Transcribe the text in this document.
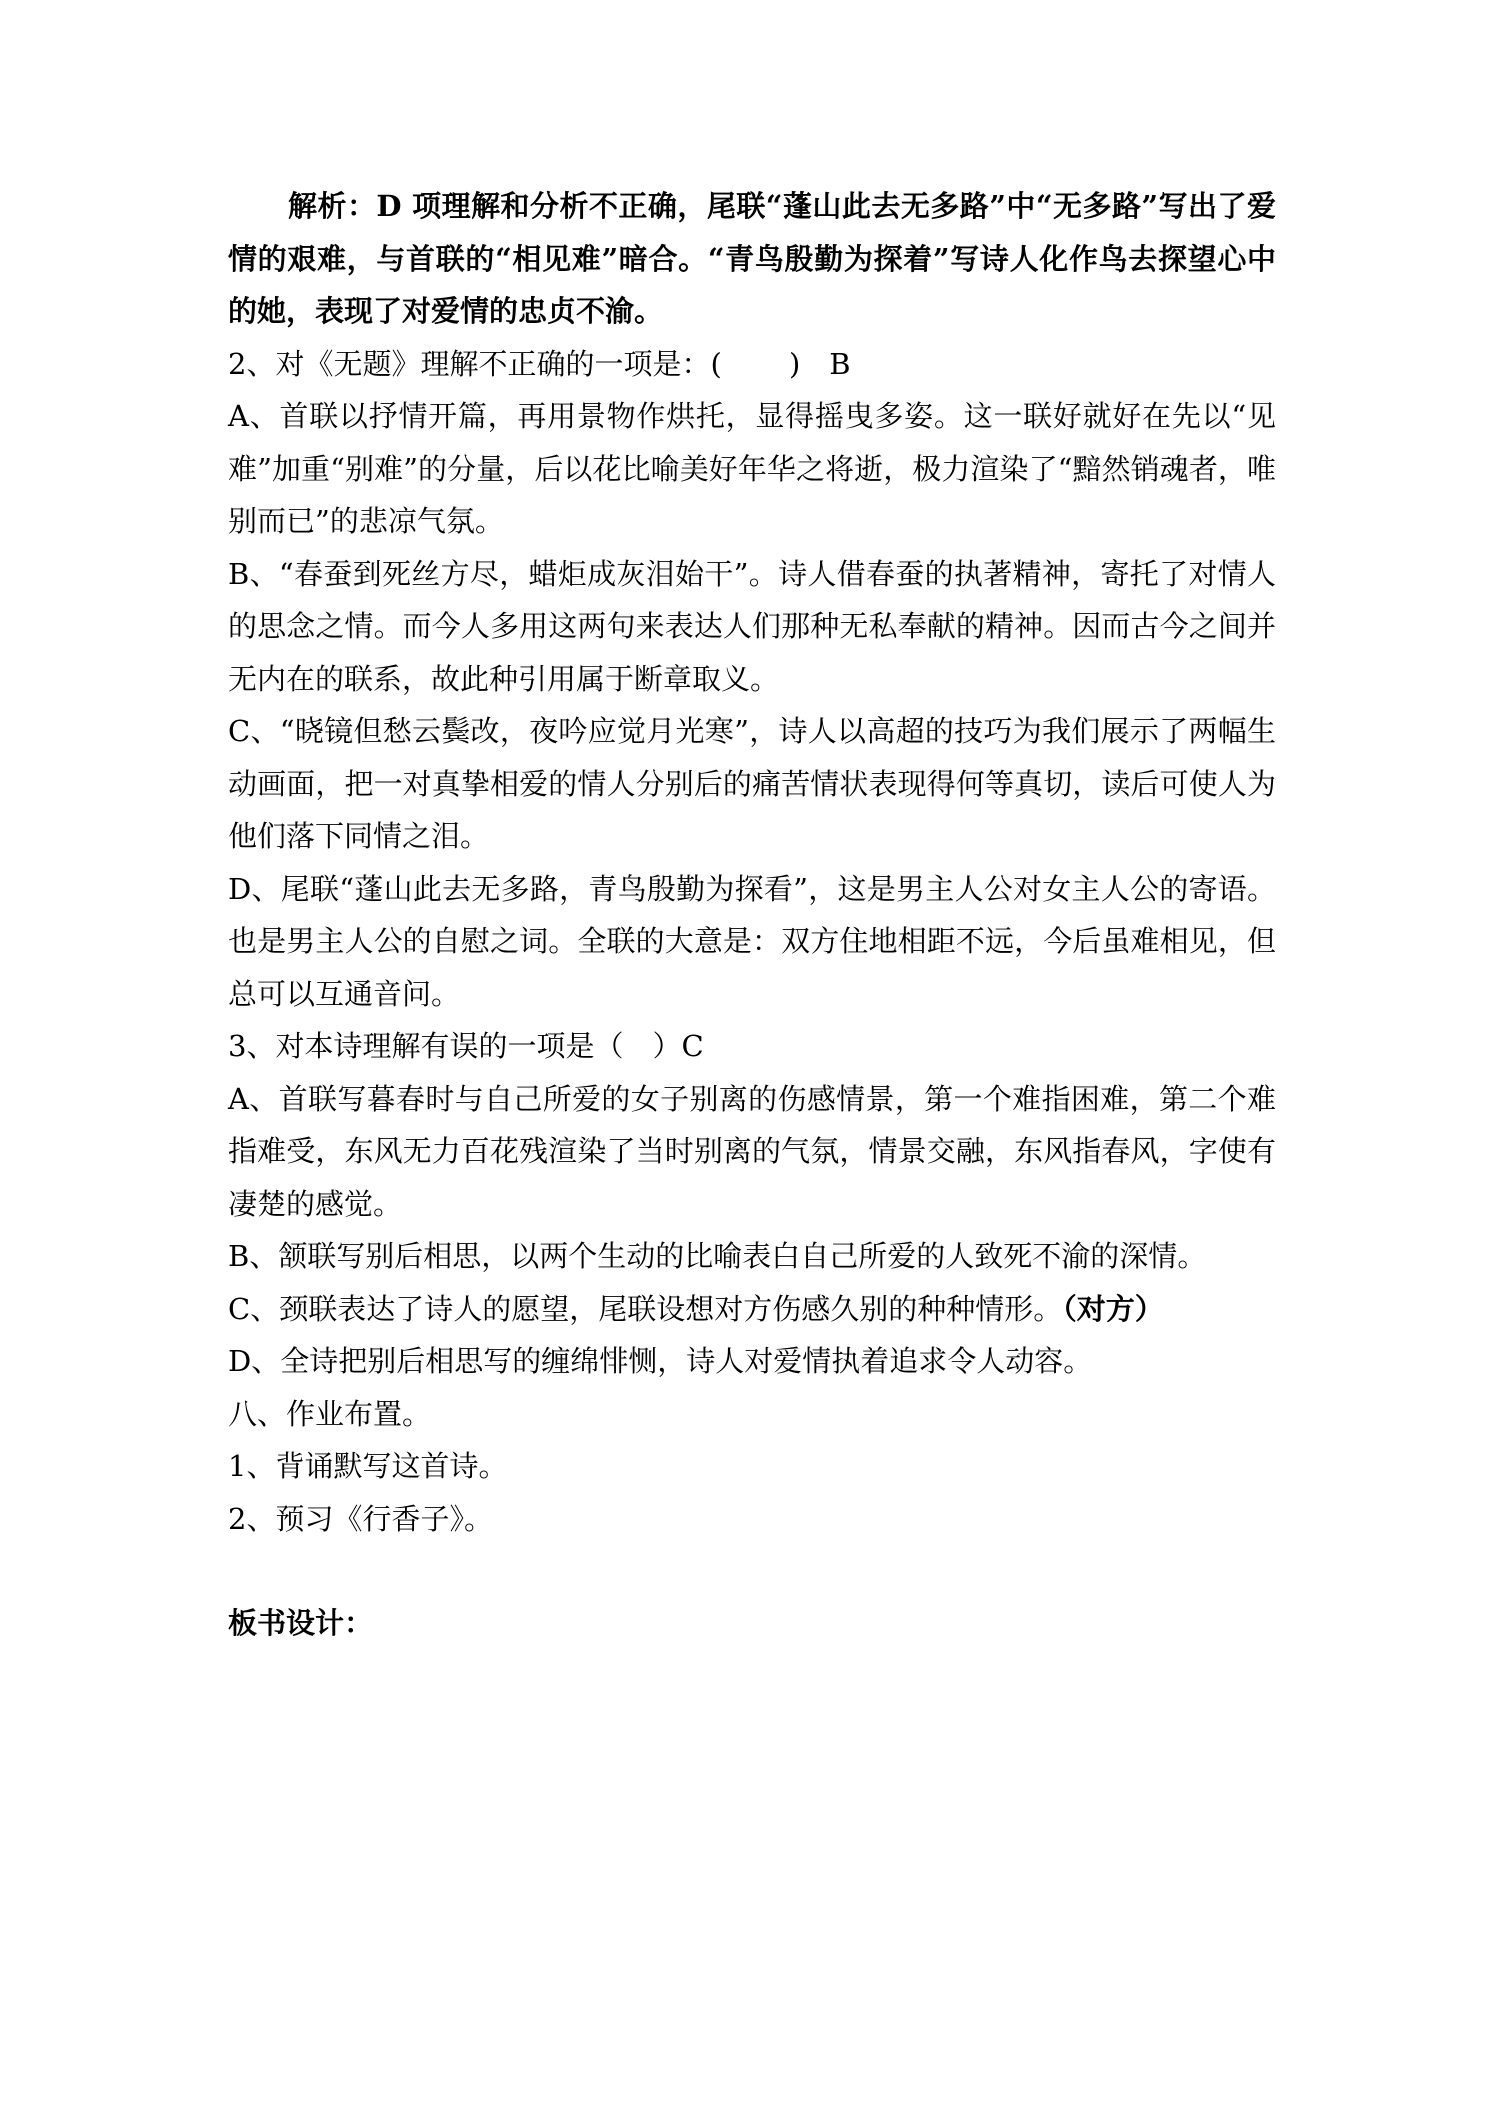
解析：D 项理解和分析不正确，尾联“蓬山此去无多路”中“无多路”写出了爱情的艰难，与首联的“相见难”暗合。“青鸟殷勤为探着”写诗人化作鸟去探望心中的她，表现了对爱情的忠贞不渝。

2、对《无题》理解不正确的一项是：(　　 )　B

A、首联以抒情开篇，再用景物作烘托，显得摇曳多姿。这一联好就好在先以“见难”加重“别难”的分量，后以花比喻美好年华之将逝，极力渲染了“黯然销魂者，唯别而已”的悲凉气氛。

B、“春蚕到死丝方尽，蜡炬成灰泪始干”。诗人借春蚕的执著精神，寄托了对情人的思念之情。而今人多用这两句来表达人们那种无私奉献的精神。因而古今之间并无内在的联系，故此种引用属于断章取义。

C、“晓镜但愁云鬓改，夜吟应觉月光寒”，诗人以高超的技巧为我们展示了两幅生动画面，把一对真挚相爱的情人分别后的痛苦情状表现得何等真切，读后可使人为他们落下同情之泪。

D、尾联“蓬山此去无多路，青鸟殷勤为探看”，这是男主人公对女主人公的寄语。也是男主人公的自慰之词。全联的大意是：双方住地相距不远，今后虽难相见，但总可以互通音问。

3、对本诗理解有误的一项是（　）C

A、首联写暮春时与自己所爱的女子别离的伤感情景，第一个难指困难，第二个难指难受，东风无力百花残渲染了当时别离的气氛，情景交融，东风指春风，字使有凄楚的感觉。

B、颔联写别后相思，以两个生动的比喻表白自己所爱的人致死不渝的深情。

C、颈联表达了诗人的愿望，尾联设想对方伤感久别的种种情形。（对方）

D、全诗把别后相思写的缠绵悱恻，诗人对爱情执着追求令人动容。

八、作业布置。

1、背诵默写这首诗。

2、预习《行香子》。

板书设计：
